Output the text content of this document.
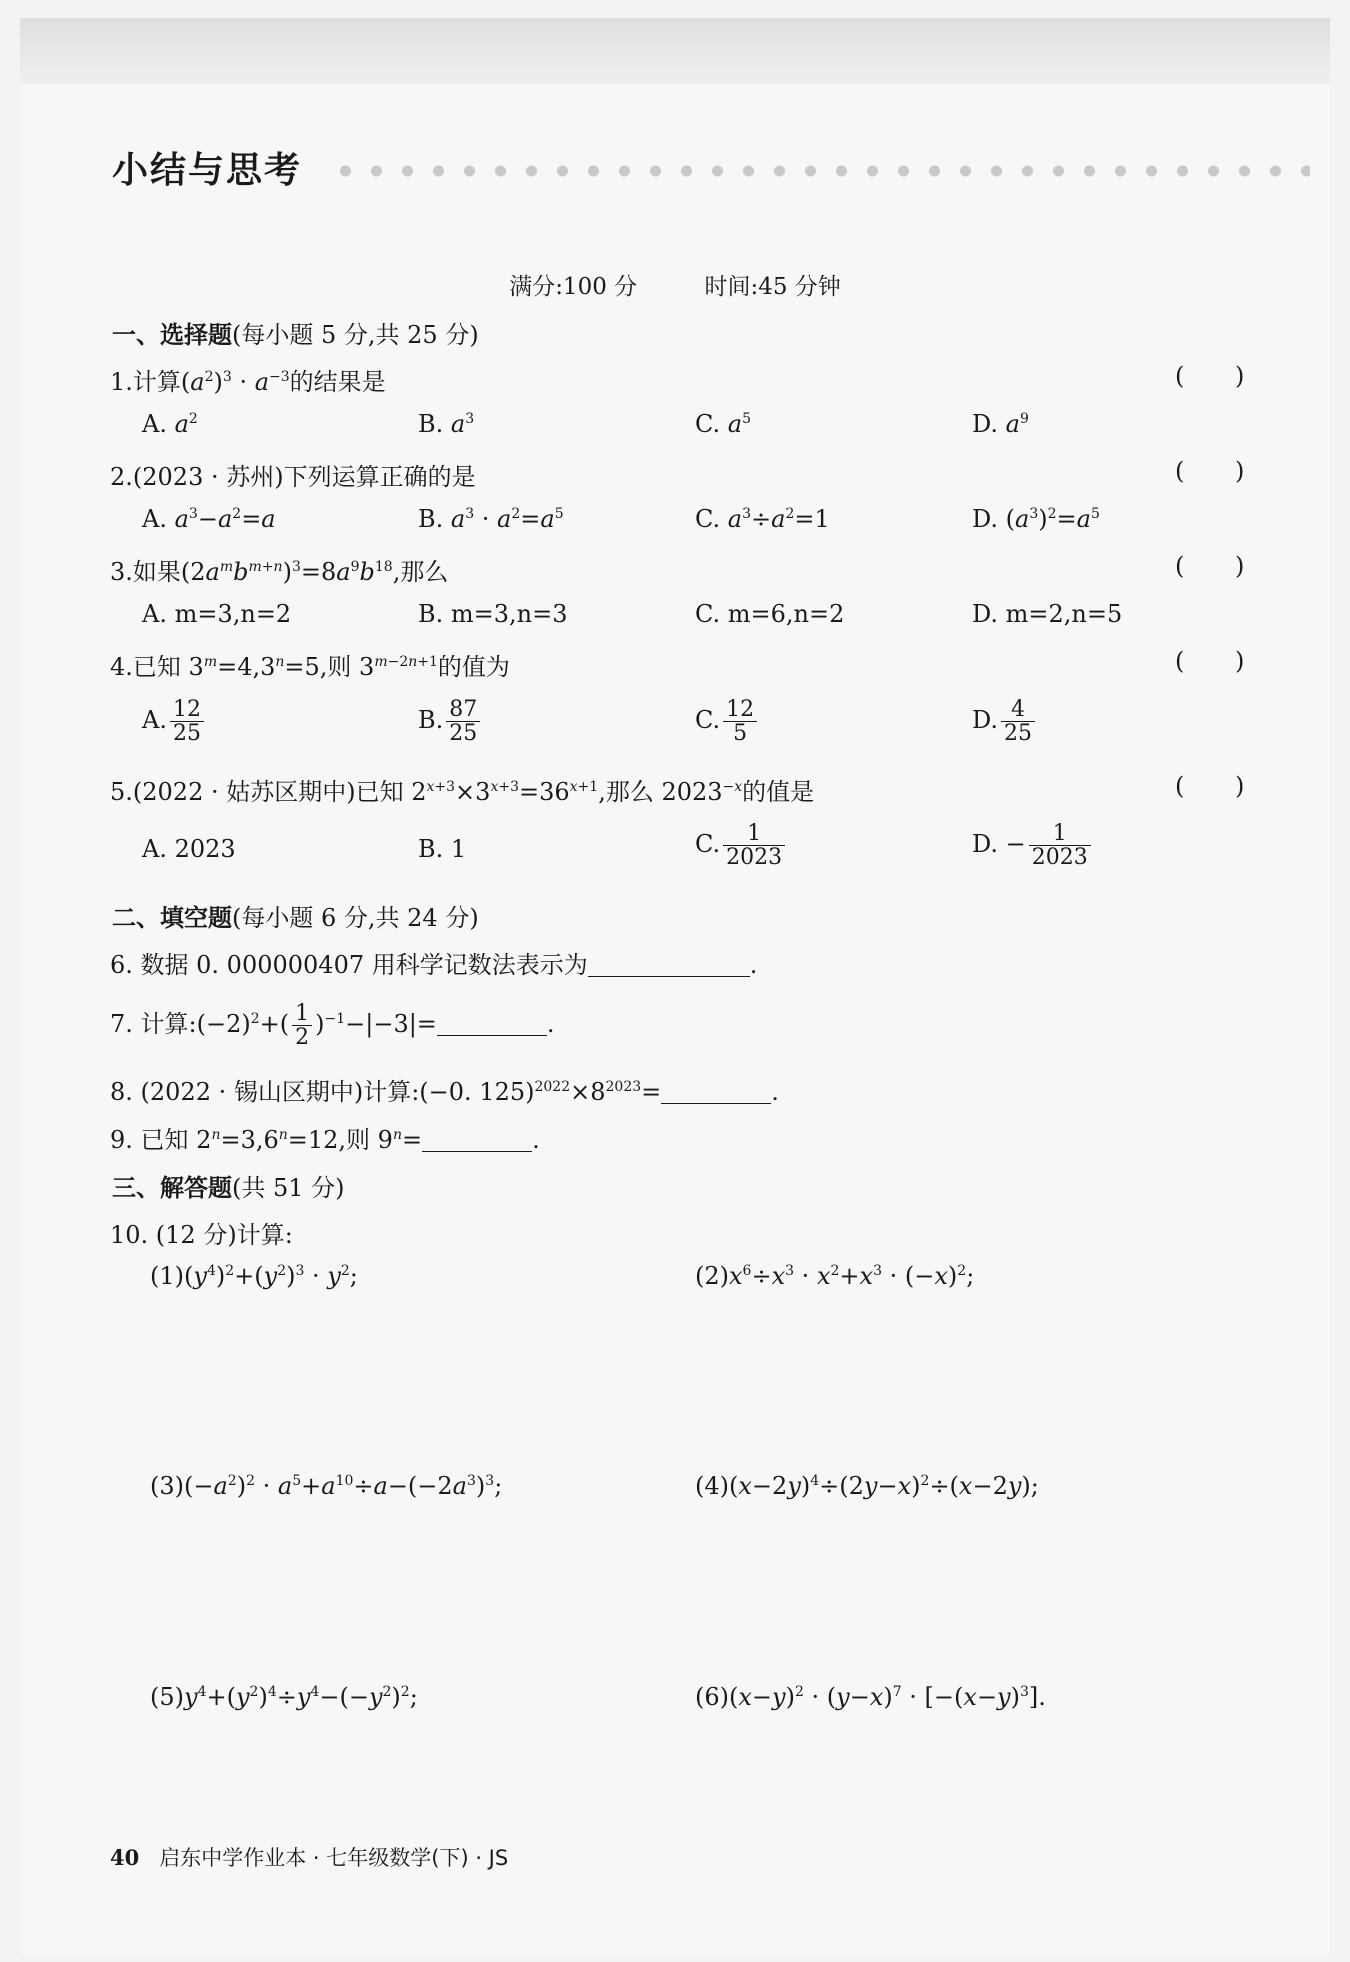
小结与思考
满分:100 分	时间:45 分钟
一、选择题(每小题 5 分,共 25 分)
1.计算$(a^2)^3 \cdot a^{-3}$的结果是	( )
A. $a^2$	B. $a^3$	C. $a^5$	D. $a^9$
2.(2023 · 苏州)下列运算正确的是	( )
A. $a^3-a^2=a$	B. $a^3 \cdot a^2=a^5$	C. $a^3\div a^2=1$	D. $(a^3)^2=a^5$
3.如果$(2a^mb^{m+n})^3=8a^9b^{18}$,那么	( )
A. m=3,n=2	B. m=3,n=3	C. m=6,n=2	D. m=2,n=5
4.已知 $3^m=4,3^n=5$,则 $3^{m-2n+1}$的值为	( )
A. $\frac{12}{25}$	B. $\frac{87}{25}$	C. $\frac{12}{5}$	D. $\frac{4}{25}$
5.(2022 · 姑苏区期中)已知 $2^{x+3}\times 3^{x+3}=36^{x+1}$,那么 $2023^{-x}$的值是	( )
A. 2023	B. 1	C. $\frac{1}{2023}$	D. − $\frac{1}{2023}$
二、填空题(每小题 6 分,共 24 分)
6. 数据 0. 000000407 用科学记数法表示为	.
7. 计算$:(-2)^2+( \frac{1}{2} )^{-1}-|-3|=$	.
8. (2022 · 锡山区期中)计算:(−0. $125)^{2022}\times 8^{2023}=$	.
9. 已知 $2^n=3,6^n=12$,则 $9^n=$	.
三、解答题(共 51 分)
10. (12 分)计算:
$(1)(y^4)^2+(y^2)^3 \cdot y^2$;	$(2)x^6\div x^3 \cdot x^2+x^3 \cdot (-x)^2$;
$(3)(-a^2)^2 \cdot a^5+a^{10}\div a-(-2a^3)^3$;	$(4)(x-2y)^4\div(2y-x)^2\div(x-2y)$;
$(5)y^4+(y^2)^4\div y^4-(-y^2)^2$;	$(6)(x-y)^2 \cdot (y-x)^7 \cdot [-(x-y)^3]$.
40 启东中学作业本 · 七年级数学(下) · JS
